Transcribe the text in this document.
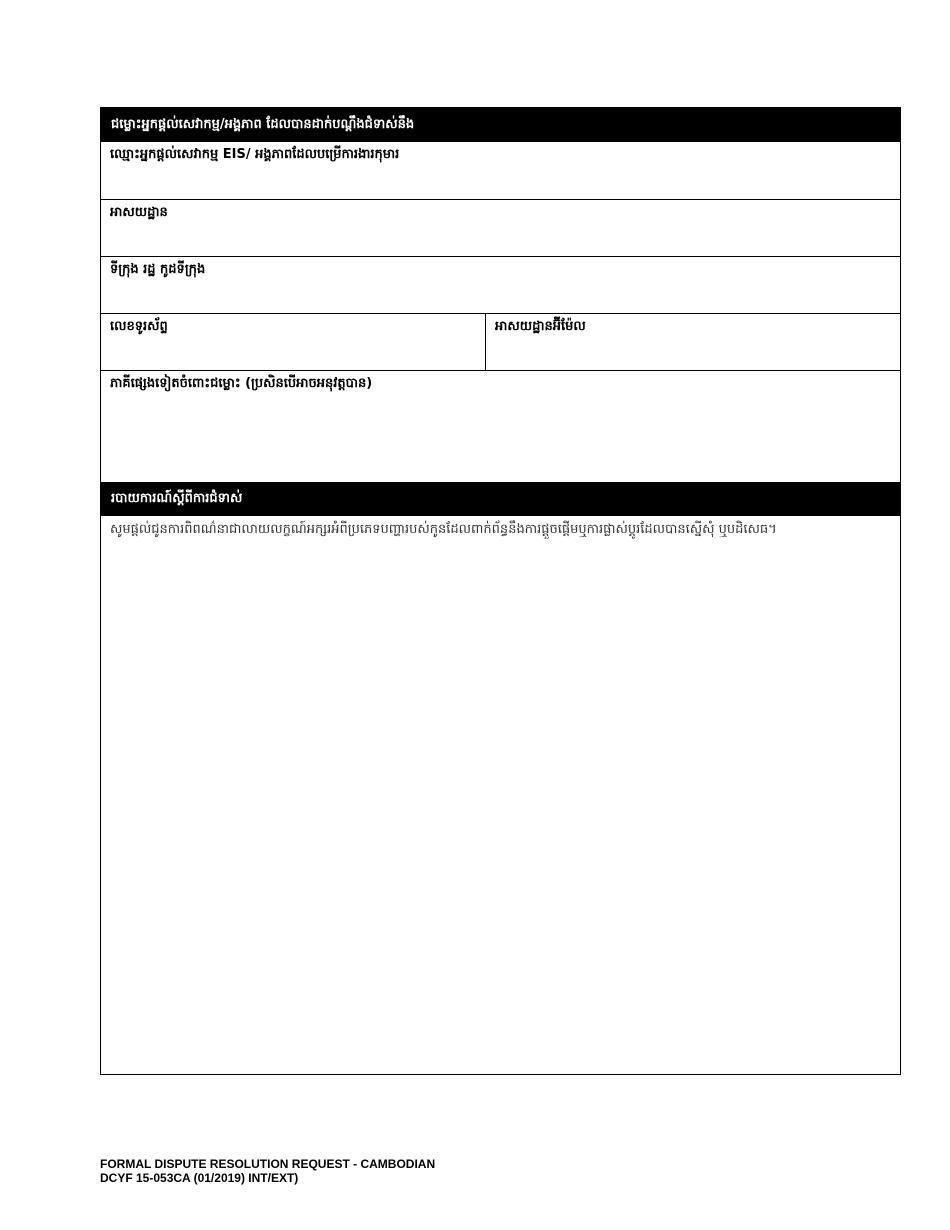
ជម្លោះអ្នកផ្តល់សេវាកម្ម/អង្គភាព ដែលបានដាក់បណ្តឹងជំទាស់នឹង
ឈ្មោះអ្នកផ្តល់សេវាកម្ម EIS/ អង្គភាពដែលបម្រើការងារកុមារ
អាសយដ្ឋាន
ទីក្រុង រដ្ឋ កូដទីក្រុង
លេខទូរស័ព្ទ	អាសយដ្ឋានអ៊ីម៉ែល
ភាគីផ្សេងទៀតចំពោះជម្លោះ (ប្រសិនបើអាចអនុវត្តបាន)
របាយការណ៍ស្តីពីការជំទាស់
សូមផ្តល់ជូនការពិពណ៌នាជាលាយលក្ខណ៍អក្សរអំពីប្រភេទបញ្ហារបស់កូនដែលពាក់ព័ន្ធនឹងការផ្តួចផ្តើមឬការផ្លាស់ប្តូរដែលបានស្នើសុំ ឬបដិសេធ។
FORMAL DISPUTE RESOLUTION REQUEST - CAMBODIAN
DCYF 15-053CA (01/2019) INT/EXT)
